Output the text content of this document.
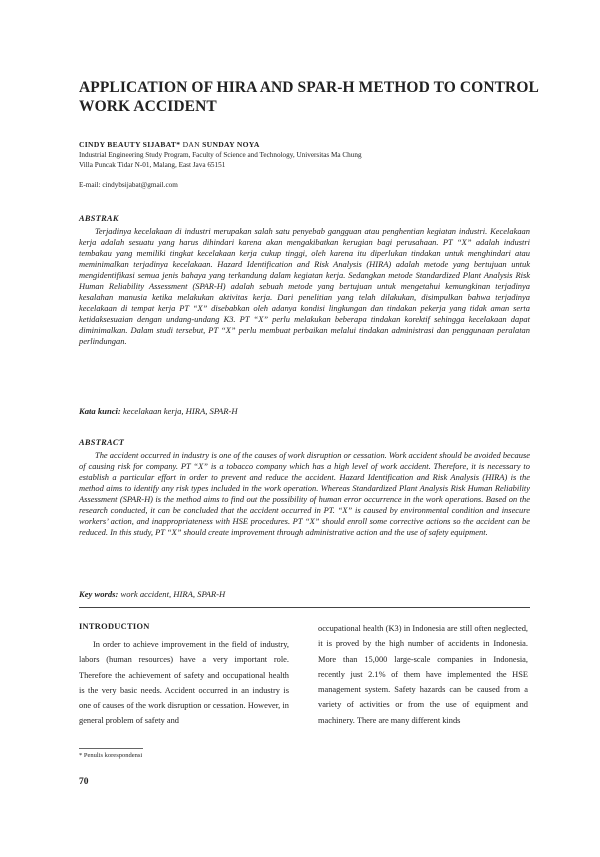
APPLICATION OF HIRA AND SPAR-H METHOD TO CONTROL WORK ACCIDENT
CINDY BEAUTY SIJABAT* DAN SUNDAY NOYA
Industrial Engineering Study Program, Faculty of Science and Technology, Universitas Ma Chung
Villa Puncak Tidar N-01, Malang, East Java 65151
E-mail: cindybsijabat@gmail.com
ABSTRAK

Terjadinya kecelakaan di industri merupakan salah satu penyebab gangguan atau penghentian kegiatan industri. Kecelakaan kerja adalah sesuatu yang harus dihindari karena akan mengakibatkan kerugian bagi perusahaan. PT “X” adalah industri tembakau yang memiliki tingkat kecelakaan kerja cukup tinggi, oleh karena itu diperlukan tindakan untuk menghindari atau meminimalkan terjadinya kecelakaan. Hazard Identification and Risk Analysis (HIRA) adalah metode yang bertujuan untuk mengidentifikasi semua jenis bahaya yang terkandung dalam kegiatan kerja. Sedangkan metode Standardized Plant Analysis Risk Human Reliability Assessment (SPAR-H) adalah sebuah metode yang bertujuan untuk mengetahui kemungkinan terjadinya kesalahan manusia ketika melakukan aktivitas kerja. Dari penelitian yang telah dilakukan, disimpulkan bahwa terjadinya kecelakaan di tempat kerja PT “X” disebabkan oleh adanya kondisi lingkungan dan tindakan pekerja yang tidak aman serta ketidaksesuaian dengan undang-undang K3. PT “X” perlu melakukan beberapa tindakan korektif sehingga kecelakaan dapat diminimalkan. Dalam studi tersebut, PT “X” perlu membuat perbaikan melalui tindakan administrasi dan penggunaan peralatan perlindungan.

Kata kunci: kecelakaan kerja, HIRA, SPAR-H
ABSTRACT

The accident occurred in industry is one of the causes of work disruption or cessation. Work accident should be avoided because of causing risk for company. PT “X” is a tobacco company which has a high level of work accident. Therefore, it is necessary to establish a particular effort in order to prevent and reduce the accident. Hazard Identification and Risk Analysis (HIRA) is the method aims to identify any risk types included in the work operation. Whereas Standardized Plant Analysis Risk Human Reliability Assessment (SPAR-H) is the method aims to find out the possibility of human error occurrence in the work operations. Based on the research conducted, it can be concluded that the accident occurred in PT. “X” is caused by environmental condition and insecure workers’ action, and inappropriateness with HSE procedures. PT “X” should enroll some corrective actions so the accident can be reduced. In this study, PT “X” should create improvement through administrative action and the use of safety equipment.

Key words: work accident, HIRA, SPAR-H
INTRODUCTION

In order to achieve improvement in the field of industry, labors (human resources) have a very important role. Therefore the achievement of safety and occupational health is the very basic needs. Accident occurred in an industry is one of causes of the work disruption or cessation. However, in general problem of safety and

occupational health (K3) in Indonesia are still often neglected, it is proved by the high number of accidents in Indonesia. More than 15,000 large-scale companies in Indonesia, recently just 2.1% of them have implemented the HSE management system. Safety hazards can be caused from a variety of activities or from the use of equipment and machinery. There are many different kinds

* Penulis korespondensi
70
